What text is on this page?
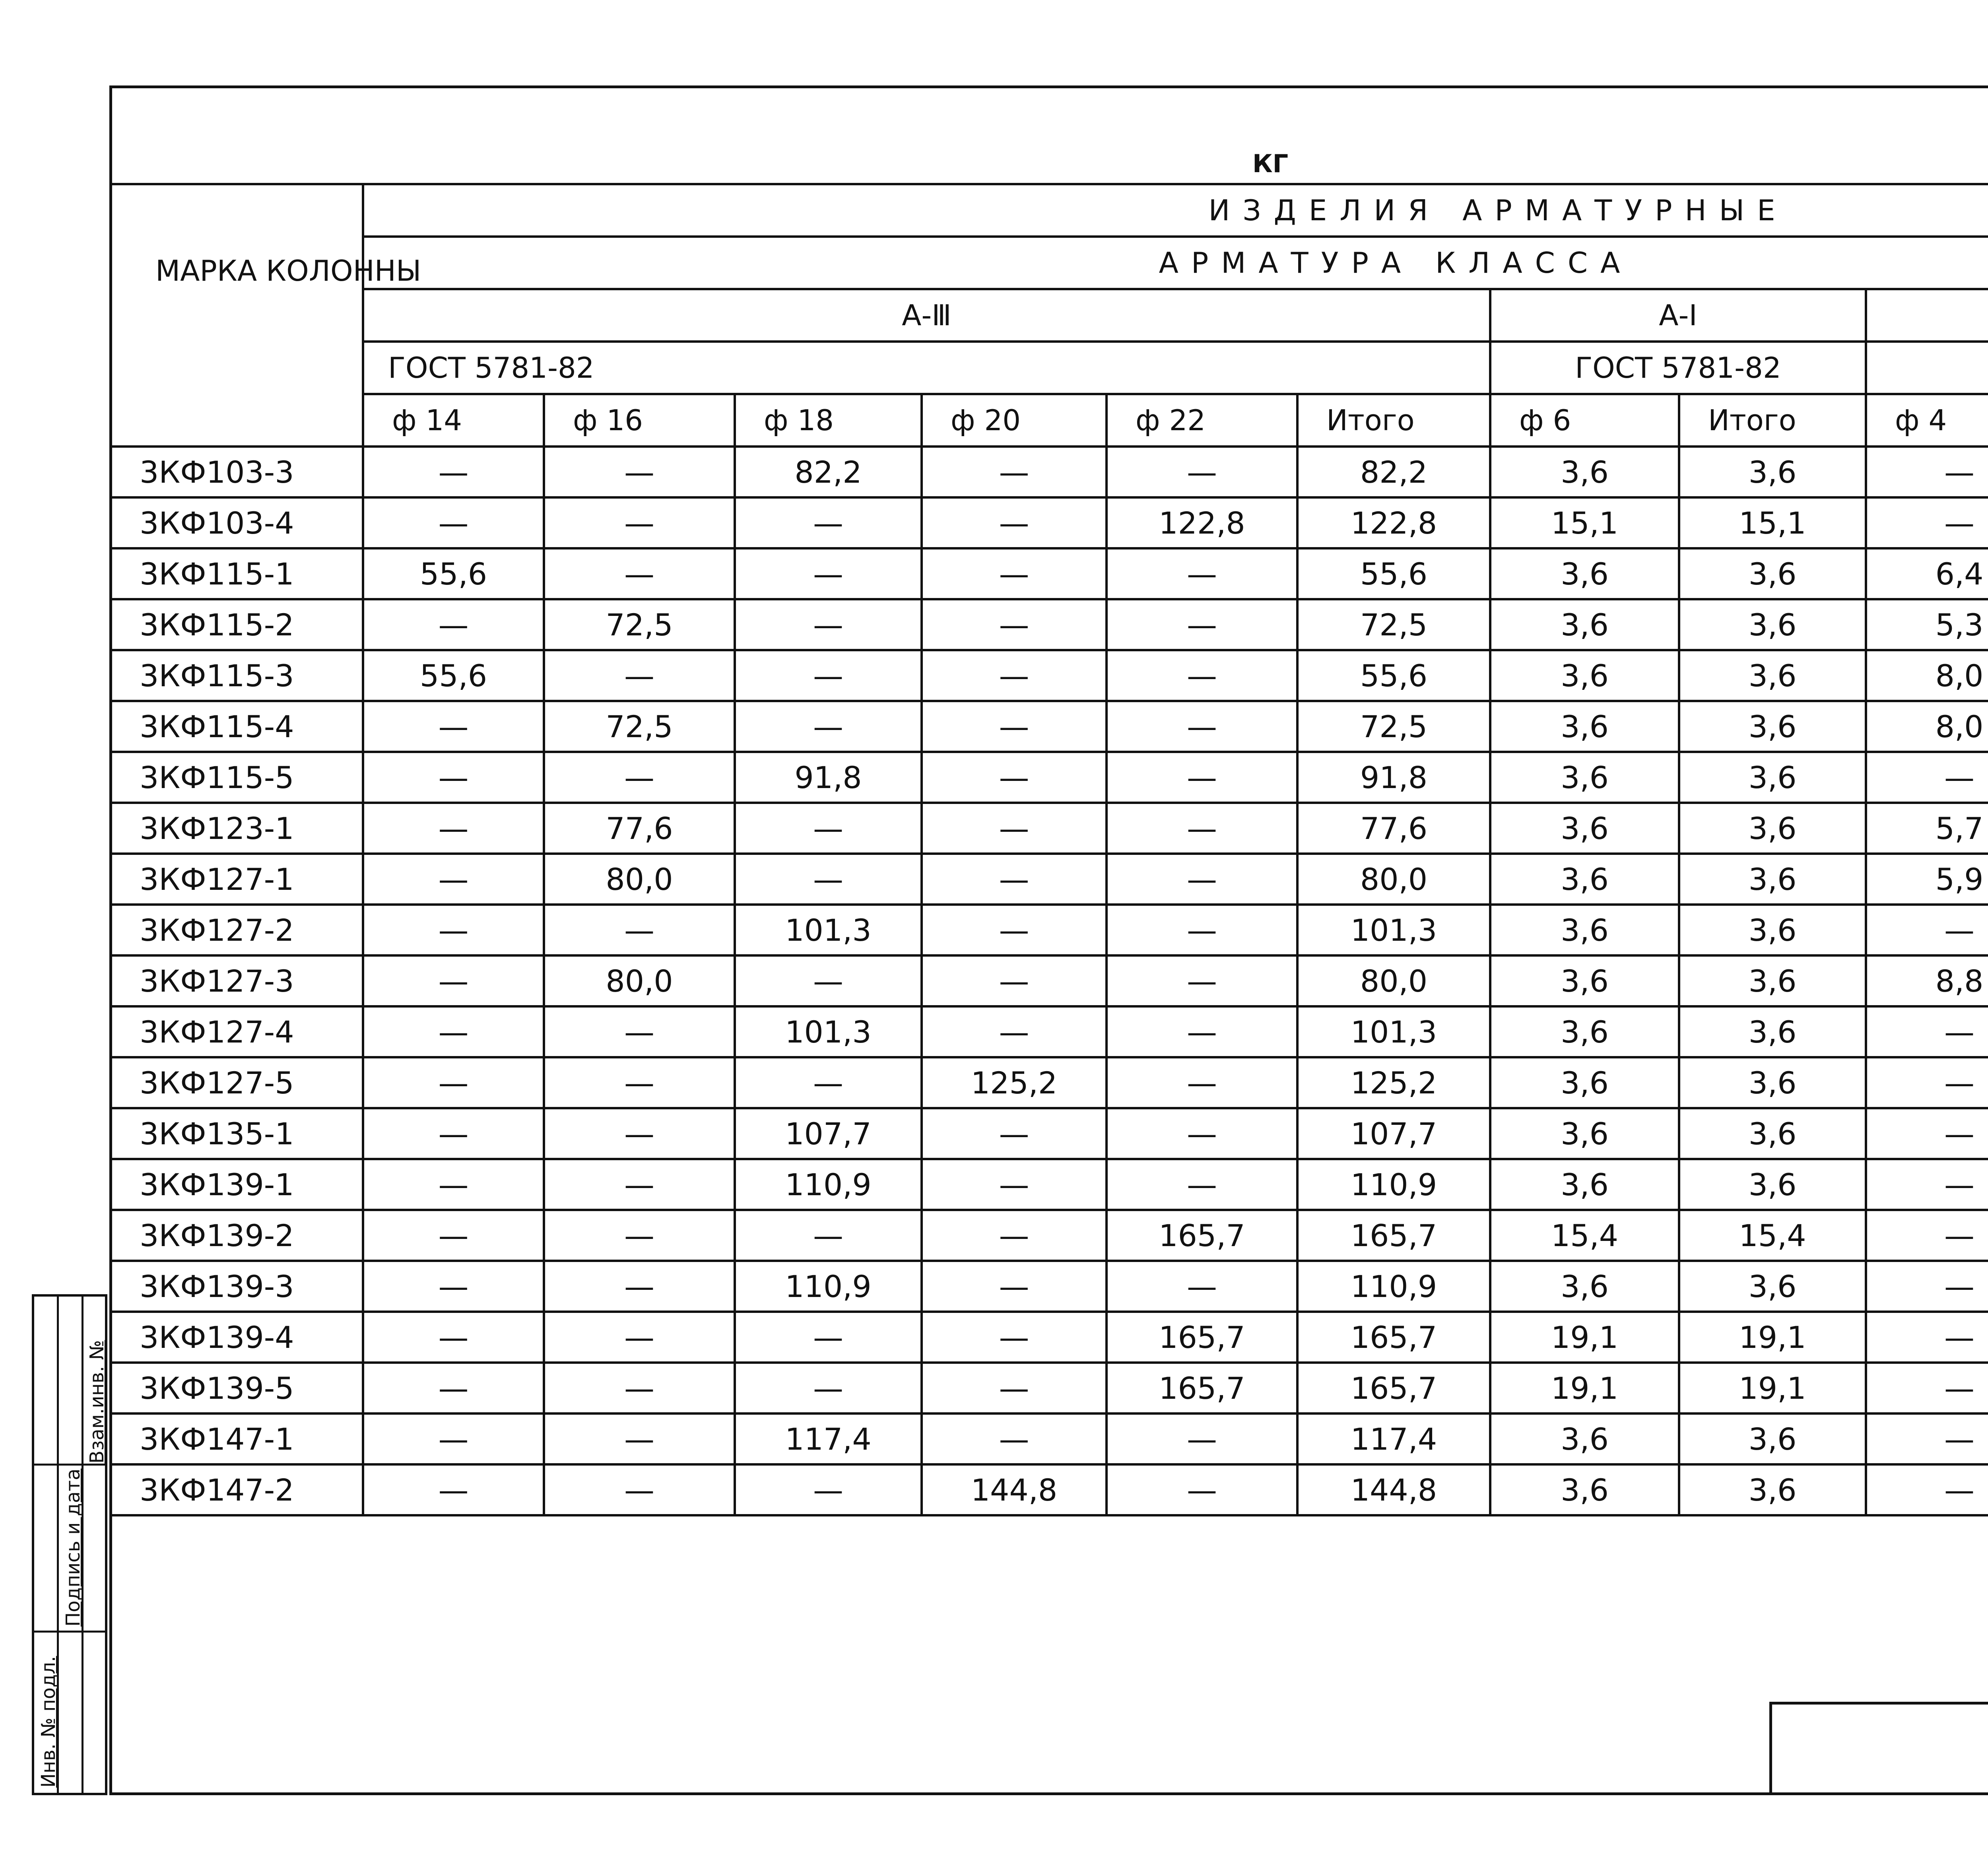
КГ
МАРКА КОЛОННЫ	ИЗДЕЛИЯ АРМАТУРНЫЕ											
	АРМАТУРА КЛАССА	
	А-Ⅲ						А-Ⅰ	
	ГОСТ 5781-82						ГОСТ 5781-82	
	ф 14	ф 16	ф 18	ф 20	ф 22	Итого	ф 6	Итого	ф 4		
3КФ103-3	—	—	82,2	—	—	82,2	3,6	3,6	—			
3КФ103-4	—	—	—	—	122,8	122,8	15,1	15,1	—			
3КФ115-1	55,6	—	—	—	—	55,6	3,6	3,6	6,4			
3КФ115-2	—	72,5	—	—	—	72,5	3,6	3,6	5,3			
3КФ115-3	55,6	—	—	—	—	55,6	3,6	3,6	8,0			
3КФ115-4	—	72,5	—	—	—	72,5	3,6	3,6	8,0			
3КФ115-5	—	—	91,8	—	—	91,8	3,6	3,6	—			
3КФ123-1	—	77,6	—	—	—	77,6	3,6	3,6	5,7			
3КФ127-1	—	80,0	—	—	—	80,0	3,6	3,6	5,9			
3КФ127-2	—	—	101,3	—	—	101,3	3,6	3,6	—			
3КФ127-3	—	80,0	—	—	—	80,0	3,6	3,6	8,8			
3КФ127-4	—	—	101,3	—	—	101,3	3,6	3,6	—			
3КФ127-5	—	—	—	125,2	—	125,2	3,6	3,6	—			
3КФ135-1	—	—	107,7	—	—	107,7	3,6	3,6	—			
3КФ139-1	—	—	110,9	—	—	110,9	3,6	3,6	—			
3КФ139-2	—	—	—	—	165,7	165,7	15,4	15,4	—			
3КФ139-3	—	—	110,9	—	—	110,9	3,6	3,6	—			
3КФ139-4	—	—	—	—	165,7	165,7	19,1	19,1	—			
3КФ139-5	—	—	—	—	165,7	165,7	19,1	19,1	—			
3КФ147-1	—	—	117,4	—	—	117,4	3,6	3,6	—			
3КФ147-2	—	—	—	144,8	—	144,8	3,6	3,6	—			
Инв. № подл.
Подпись и дата
Взам.инв. №
